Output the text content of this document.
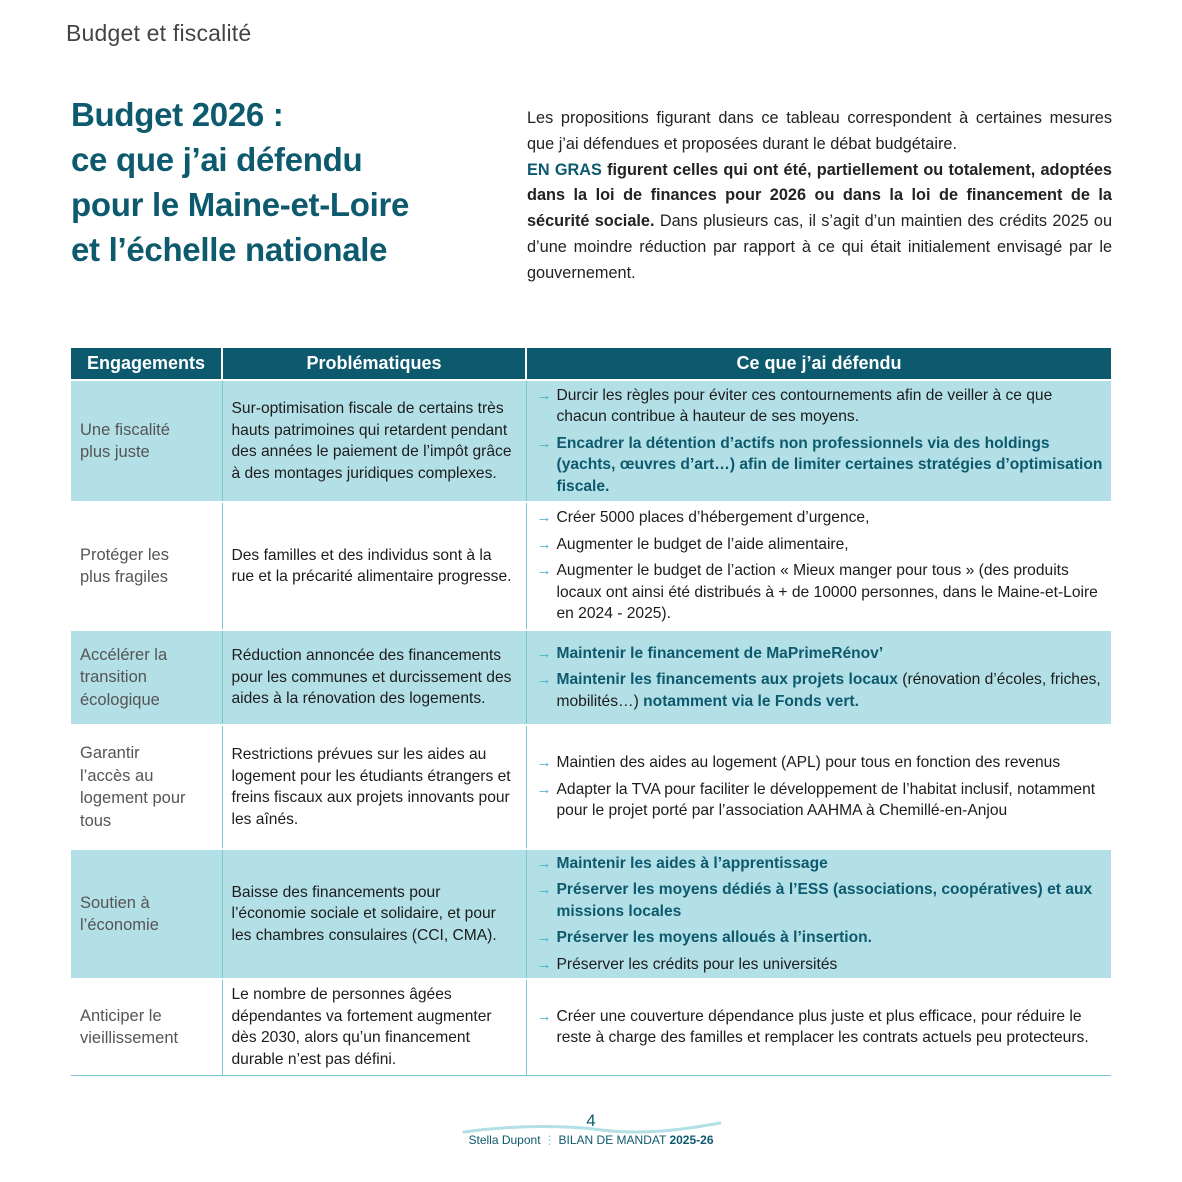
Budget et fiscalité
Budget 2026 :
ce que j’ai défendu
pour le Maine-et-Loire
et l’échelle nationale

Les propositions figurant dans ce tableau correspondent à certaines mesures que j’ai défendues et proposées durant le débat budgétaire.
EN GRAS figurent celles qui ont été, partiellement ou totalement, adoptées dans la loi de finances pour 2026 ou dans la loi de financement de la sécurité sociale. Dans plusieurs cas, il s’agit d’un maintien des crédits 2025 ou d’une moindre réduction par rapport à ce qui était initialement envisagé par le gouvernement.

Engagements	Problématiques	Ce que j’ai défendu
Une fiscalité plus juste	Sur-optimisation fiscale de certains très hauts patrimoines qui retardent pendant des années le paiement de l’impôt grâce à des montages juridiques complexes.	
→ Durcir les règles pour éviter ces contournements afin de veiller à ce que chacun contribue à hauteur de ses moyens.
→ Encadrer la détention d’actifs non professionnels via des holdings (yachts, œuvres d’art…) afin de limiter certaines stratégies d’optimisation fiscale.

Protéger les plus fragiles	Des familles et des individus sont à la rue et la précarité alimentaire progresse.	
→ Créer 5000 places d’hébergement d’urgence,
→ Augmenter le budget de l’aide alimentaire,
→ Augmenter le budget de l’action « Mieux manger pour tous » (des produits locaux ont ainsi été distribués à + de 10000 personnes, dans le Maine-et-Loire en 2024 - 2025).

Accélérer la transition écologique	Réduction annoncée des financements pour les communes et durcissement des aides à la rénovation des logements.	
→ Maintenir le financement de MaPrimeRénov’
→ Maintenir les financements aux projets locaux (rénovation d’écoles, friches, mobilités…) notamment via le Fonds vert.

Garantir l’accès au logement pour tous	Restrictions prévues sur les aides au logement pour les étudiants étrangers et freins fiscaux aux projets innovants pour les aînés.	
→ Maintien des aides au logement (APL) pour tous en fonction des revenus
→ Adapter la TVA pour faciliter le développement de l’habitat inclusif, notamment pour le projet porté par l’association AAHMA à Chemillé-en-Anjou

Soutien à l’économie	Baisse des financements pour l’économie sociale et solidaire, et pour les chambres consulaires (CCI, CMA).	
→ Maintenir les aides à l’apprentissage
→ Préserver les moyens dédiés à l’ESS (associations, coopératives) et aux missions locales
→ Préserver les moyens alloués à l’insertion.
→ Préserver les crédits pour les universités

Anticiper le vieillissement	Le nombre de personnes âgées dépendantes va fortement augmenter dès 2030, alors qu’un financement durable n’est pas défini.	
→ Créer une couverture dépendance plus juste et plus efficace, pour réduire le reste à charge des familles et remplacer les contrats actuels peu protecteurs.
4
Stella Dupont ⋮ BILAN DE MANDAT 2025-26
